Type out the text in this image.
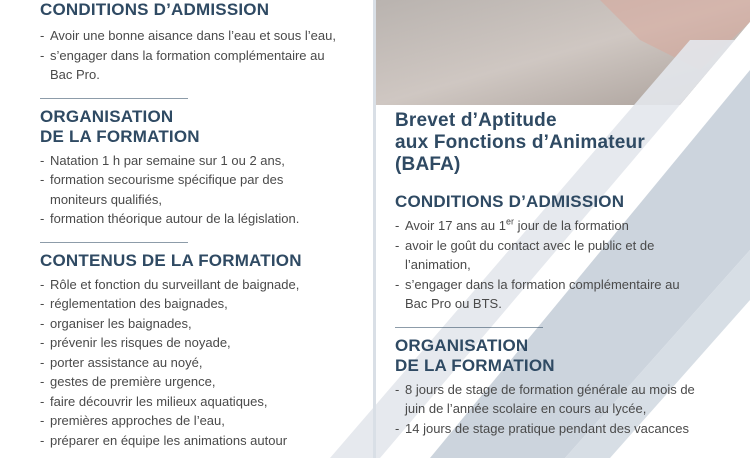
CONDITIONS D’ADMISSION
- Avoir une bonne aisance dans l’eau et sous l’eau,
- s’engager dans la formation complémentaire au Bac Pro.
ORGANISATION
DE LA FORMATION
- Natation 1 h par semaine sur 1 ou 2 ans,
- formation secourisme spécifique par des moniteurs qualifiés,
- formation théorique autour de la législation.
CONTENUS DE LA FORMATION
- Rôle et fonction du surveillant de baignade,
- réglementation des baignades,
- organiser les baignades,
- prévenir les risques de noyade,
- porter assistance au noyé,
- gestes de première urgence,
- faire découvrir les milieux aquatiques,
- premières approches de l’eau,
- préparer en équipe les animations autour
Brevet d’Aptitude
aux Fonctions d’Animateur
(BAFA)
CONDITIONS D’ADMISSION
- Avoir 17 ans au 1er jour de la formation
- avoir le goût du contact avec le public et de l’animation,
- s’engager dans la formation complémentaire au Bac Pro ou BTS.
ORGANISATION
DE LA FORMATION
- 8 jours de stage de formation générale au mois de juin de l’année scolaire en cours au lycée,
- 14 jours de stage pratique pendant des vacances
